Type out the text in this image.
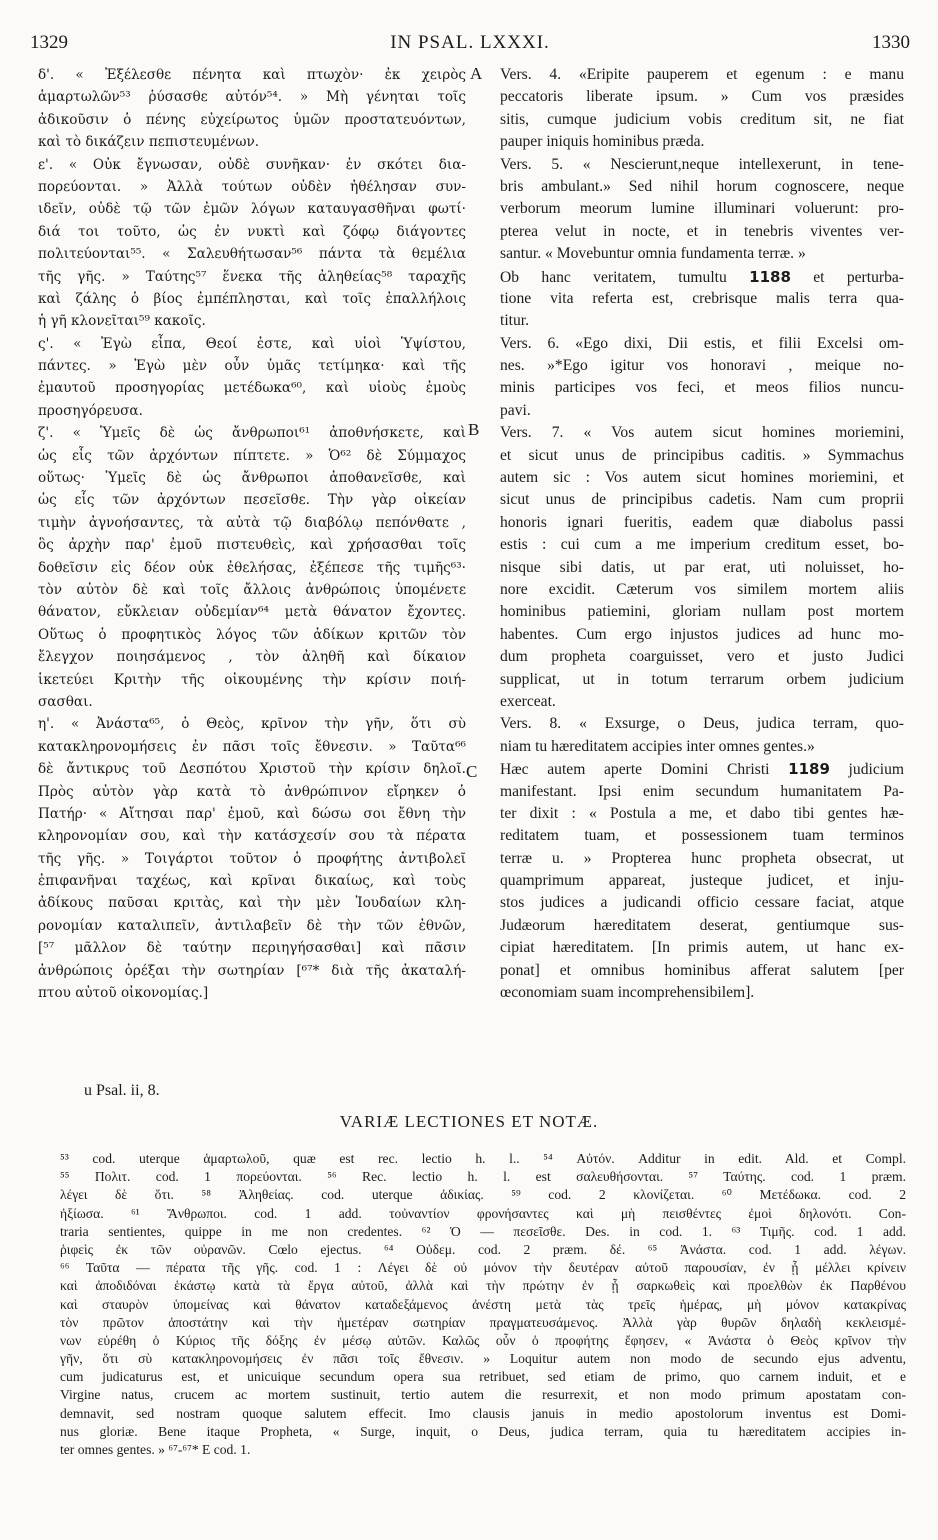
1329	IN PSAL. LXXXI.	1330
δ'. « Ἐξέλεσθε πένητα καὶ πτωχὸν· ἐκ χειρὸς
ἁμαρτωλῶν⁵³ ῥύσασθε αὐτόν⁵⁴. » Μὴ γένηται τοῖς
ἀδικοῦσιν ὁ πένης εὐχείρωτος ὑμῶν προστατευόντων,
καὶ τὸ δικάζειν πεπιστευμένων.
ε'. « Οὐκ ἔγνωσαν, οὐδὲ συνῆκαν· ἐν σκότει δια-
πορεύονται. » Ἀλλὰ τούτων οὐδὲν ἠθέλησαν συν-
ιδεῖν, οὐδὲ τῷ τῶν ἐμῶν λόγων καταυγασθῆναι φωτί·
διά τοι τοῦτο, ὡς ἐν νυκτὶ καὶ ζόφῳ διάγοντες
πολιτεύονται⁵⁵. « Σαλευθήτωσαν⁵⁶ πάντα τὰ θεμέλια
τῆς γῆς. » Ταύτης⁵⁷ ἕνεκα τῆς ἀληθείας⁵⁸ ταραχῆς
καὶ ζάλης ὁ βίος ἐμπέπλησται, καὶ τοῖς ἐπαλλήλοις
ἡ γῆ κλονεῖται⁵⁹ κακοῖς.
ς'. « Ἐγὼ εἶπα, Θεοί ἐστε, καὶ υἱοὶ Ὑψίστου,
πάντες. » Ἐγὼ μὲν οὖν ὑμᾶς τετίμηκα· καὶ τῆς
ἐμαυτοῦ προσηγορίας μετέδωκα⁶⁰, καὶ υἱοὺς ἐμοὺς
προσηγόρευσα.
ζ'. « Ὑμεῖς δὲ ὡς ἄνθρωποι⁶¹ ἀποθνήσκετε, καὶ
ὡς εἷς τῶν ἀρχόντων πίπτετε. » Ὁ⁶² δὲ Σύμμαχος
οὕτως· Ὑμεῖς δὲ ὡς ἄνθρωποι ἀποθανεῖσθε, καὶ
ὡς εἷς τῶν ἀρχόντων πεσεῖσθε. Τὴν γὰρ οἰκείαν
τιμὴν ἀγνοήσαντες, τὰ αὐτὰ τῷ διαβόλῳ πεπόνθατε ,
ὃς ἀρχὴν παρ' ἐμοῦ πιστευθεὶς, καὶ χρήσασθαι τοῖς
δοθεῖσιν εἰς δέον οὐκ ἐθελήσας, ἐξέπεσε τῆς τιμῆς⁶³·
τὸν αὐτὸν δὲ καὶ τοῖς ἄλλοις ἀνθρώποις ὑπομένετε
θάνατον, εὔκλειαν οὐδεμίαν⁶⁴ μετὰ θάνατον ἔχοντες.
Οὕτως ὁ προφητικὸς λόγος τῶν ἀδίκων κριτῶν τὸν
ἔλεγχον ποιησάμενος , τὸν ἀληθῆ καὶ δίκαιον
ἱκετεύει Κριτὴν τῆς οἰκουμένης τὴν κρίσιν ποιή-
σασθαι.
η'. « Ἀνάστα⁶⁵, ὁ Θεὸς, κρῖνον τὴν γῆν, ὅτι σὺ
κατακληρονομήσεις ἐν πᾶσι τοῖς ἔθνεσιν. » Ταῦτα⁶⁶
δὲ ἄντικρυς τοῦ Δεσπότου Χριστοῦ τὴν κρίσιν δηλοῖ.
Πρὸς αὐτὸν γὰρ κατὰ τὸ ἀνθρώπινον εἴρηκεν ὁ
Πατήρ· « Αἴτησαι παρ' ἐμοῦ, καὶ δώσω σοι ἔθνη τὴν
κληρονομίαν σου, καὶ τὴν κατάσχεσίν σου τὰ πέρατα
τῆς γῆς. » Τοιγάρτοι τοῦτον ὁ προφήτης ἀντιβολεῖ
ἐπιφανῆναι ταχέως, καὶ κρῖναι δικαίως, καὶ τοὺς
ἀδίκους παῦσαι κριτὰς, καὶ τὴν μὲν Ἰουδαίων κλη-
ρονομίαν καταλιπεῖν, ἀντιλαβεῖν δὲ τὴν τῶν ἐθνῶν,
[⁵⁷ μᾶλλον δὲ ταύτην περιηγήσασθαι] καὶ πᾶσιν
ἀνθρώποις ὀρέξαι τὴν σωτηρίαν [⁶⁷* διὰ τῆς ἀκαταλή-
πτου αὐτοῦ οἰκονομίας.]
Vers. 4. «Eripite pauperem et egenum : e manu
peccatoris liberate ipsum. » Cum vos præsides
sitis, cumque judicium vobis creditum sit, ne fiat
pauper iniquis hominibus præda.
Vers. 5. « Nescierunt,neque intellexerunt, in tene-
bris ambulant.» Sed nihil horum cognoscere, neque
verborum meorum lumine illuminari voluerunt: pro-
pterea velut in nocte, et in tenebris viventes ver-
santur. « Movebuntur omnia fundamenta terræ. »
Ob hanc veritatem, tumultu 1188 et perturba-
tione vita referta est, crebrisque malis terra qua-
titur.
Vers. 6. «Ego dixi, Dii estis, et filii Excelsi om-
nes. »*Ego igitur vos honoravi , meique no-
minis participes vos feci, et meos filios nuncu-
pavi.
Vers. 7. « Vos autem sicut homines moriemini,
et sicut unus de principibus caditis. » Symmachus
autem sic : Vos autem sicut homines moriemini, et
sicut unus de principibus cadetis. Nam cum proprii
honoris ignari fueritis, eadem quæ diabolus passi
estis : cui cum a me imperium creditum esset, bo-
nisque sibi datis, ut par erat, uti noluisset, ho-
nore excidit. Cæterum vos similem mortem aliis
hominibus patiemini, gloriam nullam post mortem
habentes. Cum ergo injustos judices ad hunc mo-
dum propheta coarguisset, vero et justo Judici
supplicat, ut in totum terrarum orbem judicium
exerceat.
Vers. 8. « Exsurge, o Deus, judica terram, quo-
niam tu hæreditatem accipies inter omnes gentes.»
Hæc autem aperte Domini Christi 1189 judicium
manifestant. Ipsi enim secundum humanitatem Pa-
ter dixit : « Postula a me, et dabo tibi gentes hæ-
reditatem tuam, et possessionem tuam terminos
terræ u. » Propterea hunc propheta obsecrat, ut
quamprimum appareat, justeque judicet, et inju-
stos judices a judicandi officio cessare faciat, atque
Judæorum hæreditatem deserat, gentiumque sus-
cipiat hæreditatem. [In primis autem, ut hanc ex-
ponat] et omnibus hominibus afferat salutem [per
œconomiam suam incomprehensibilem].
A
B
C
u Psal. ii, 8.
VARIÆ LECTIONES ET NOTÆ.
⁵³ cod. uterque ἁμαρτωλοῦ, quæ est rec. lectio h. l.. ⁵⁴ Αὐτόν. Additur in edit. Ald. et Compl.
⁵⁵ Πολιτ. cod. 1 πορεύονται. ⁵⁶ Rec. lectio h. l. est σαλευθήσονται. ⁵⁷ Ταύτης. cod. 1 præm.
λέγει δὲ ὅτι. ⁵⁸ Ἀληθείας. cod. uterque ἀδικίας. ⁵⁹ cod. 2 κλονίζεται. ⁶⁰ Μετέδωκα. cod. 2
ἠξίωσα. ⁶¹ Ἄνθρωποι. cod. 1 add. τοὐναντίον φρονήσαντες καὶ μὴ πεισθέντες ἐμοὶ δηλονότι. Con-
traria sentientes, quippe in me non credentes. ⁶² Ὁ — πεσεῖσθε. Des. in cod. 1. ⁶³ Τιμῆς. cod. 1 add.
ῥιφεὶς ἐκ τῶν οὐρανῶν. Cœlo ejectus. ⁶⁴ Οὐδεμ. cod. 2 præm. δέ. ⁶⁵ Ἀνάστα. cod. 1 add. λέγων.
⁶⁶ Ταῦτα — πέρατα τῆς γῆς. cod. 1 : Λέγει δὲ οὐ μόνον τὴν δευτέραν αὐτοῦ παρουσίαν, ἐν ᾗ μέλλει κρίνειν
καὶ ἀποδιδόναι ἑκάστῳ κατὰ τὰ ἔργα αὐτοῦ, ἀλλὰ καὶ τὴν πρώτην ἐν ᾗ σαρκωθεὶς καὶ προελθὼν ἐκ Παρθένου
καὶ σταυρὸν ὑπομείνας καὶ θάνατον καταδεξάμενος ἀνέστη μετὰ τὰς τρεῖς ἡμέρας, μὴ μόνον κατακρίνας
τὸν πρῶτον ἀποστάτην καὶ τὴν ἡμετέραν σωτηρίαν πραγματευσάμενος. Ἀλλὰ γὰρ θυρῶν δηλαδὴ κεκλεισμέ-
νων εὑρέθη ὁ Κύριος τῆς δόξης ἐν μέσῳ αὐτῶν. Καλῶς οὖν ὁ προφήτης ἔφησεν, « Ἀνάστα ὁ Θεὸς κρῖνον τὴν
γῆν, ὅτι σὺ κατακληρονομήσεις ἐν πᾶσι τοῖς ἔθνεσιν. » Loquitur autem non modo de secundo ejus adventu,
cum judicaturus est, et unicuique secundum opera sua retribuet, sed etiam de primo, quo carnem induit, et e
Virgine natus, crucem ac mortem sustinuit, tertio autem die resurrexit, et non modo primum apostatam con-
demnavit, sed nostram quoque salutem effecit. Imo clausis januis in medio apostolorum inventus est Domi-
nus gloriæ. Bene itaque Propheta, « Surge, inquit, o Deus, judica terram, quia tu hæreditatem accipies in-
ter omnes gentes. » ⁶⁷-⁶⁷* E cod. 1.
